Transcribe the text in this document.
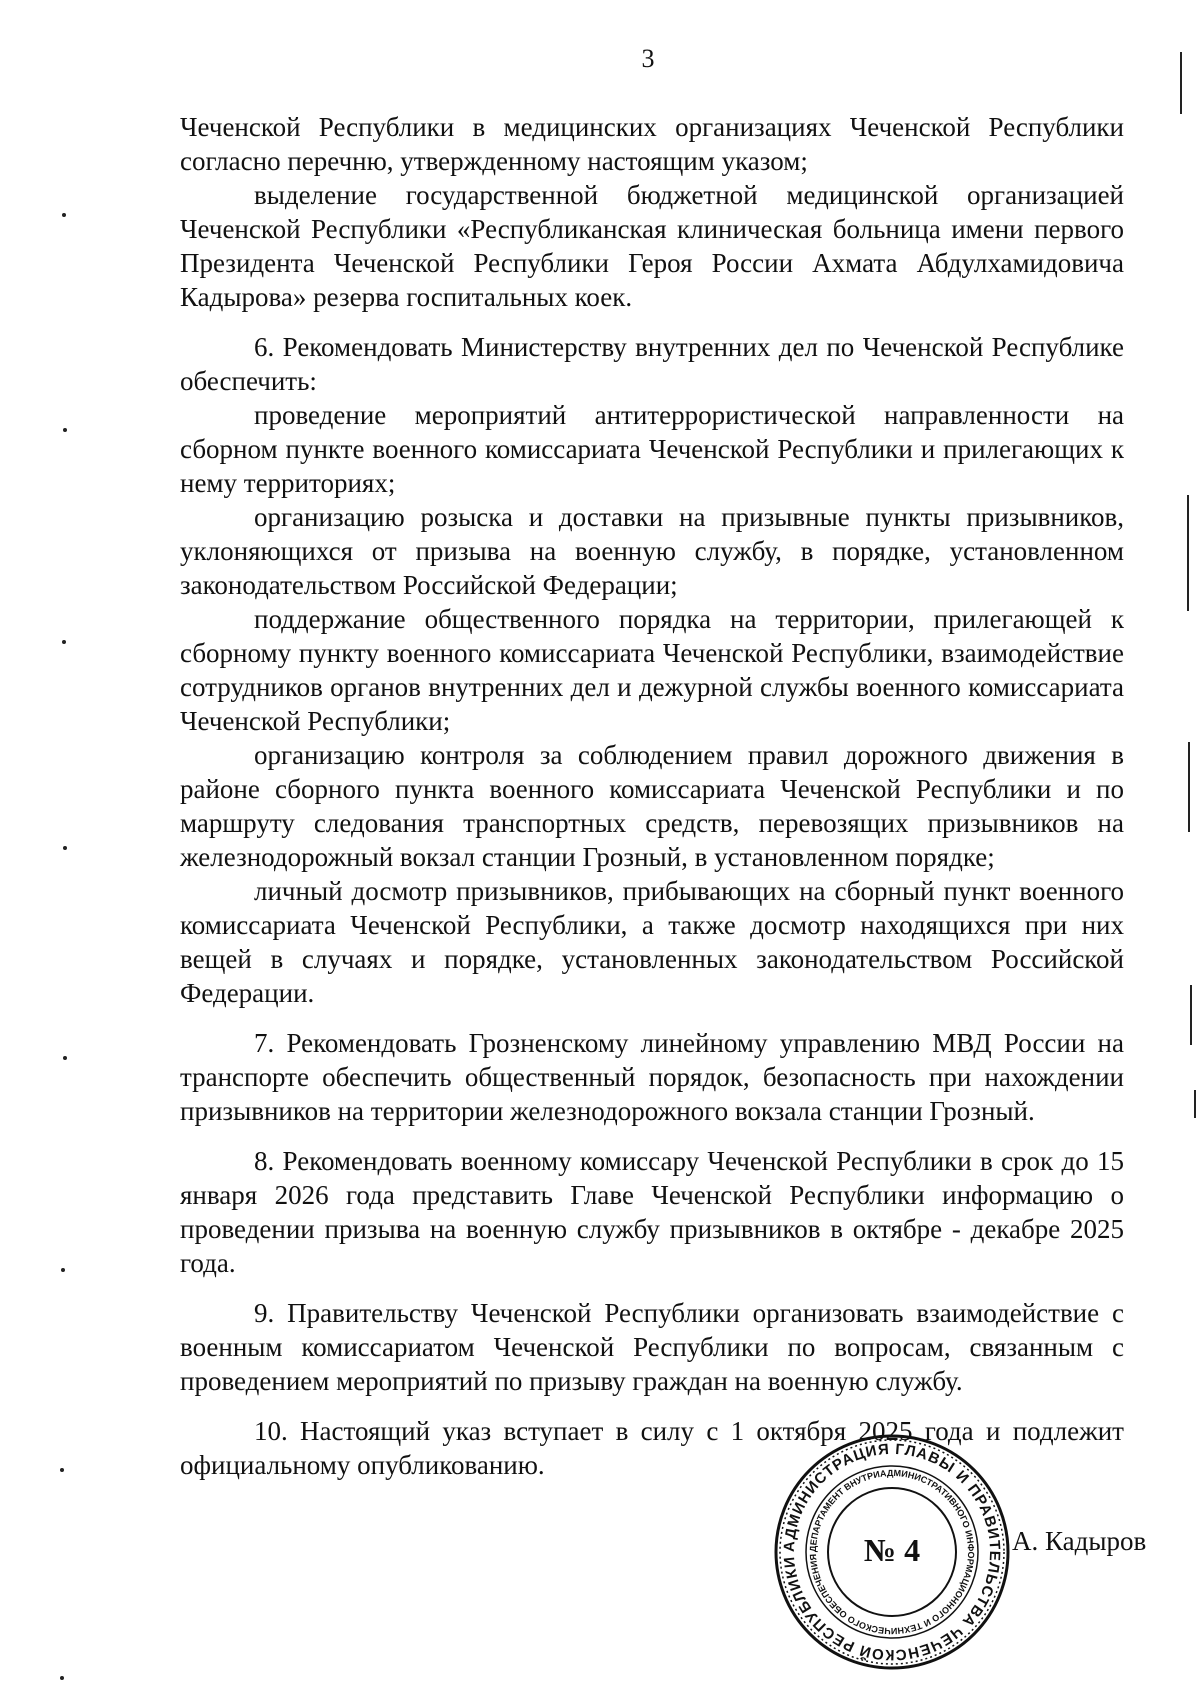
3

Чеченской Республики в медицинских организациях Чеченской Республики согласно перечню, утвержденному настоящим указом;

выделение государственной бюджетной медицинской организацией Чеченской Республики «Республиканская клиническая больница имени первого Президента Чеченской Республики Героя России Ахмата Абдулхамидовича Кадырова» резерва госпитальных коек.

6. Рекомендовать Министерству внутренних дел по Чеченской Республике обеспечить:

проведение мероприятий антитеррористической направленности на сборном пункте военного комиссариата Чеченской Республики и прилегающих к нему территориях;

организацию розыска и доставки на призывные пункты призывников, уклоняющихся от призыва на военную службу, в порядке, установленном законодательством Российской Федерации;

поддержание общественного порядка на территории, прилегающей к сборному пункту военного комиссариата Чеченской Республики, взаимодействие сотрудников органов внутренних дел и дежурной службы военного комиссариата Чеченской Республики;

организацию контроля за соблюдением правил дорожного движения в районе сборного пункта военного комиссариата Чеченской Республики и по маршруту следования транспортных средств, перевозящих призывников на железнодорожный вокзал станции Грозный, в установленном порядке;

личный досмотр призывников, прибывающих на сборный пункт военного комиссариата Чеченской Республики, а также досмотр находящихся при них вещей в случаях и порядке, установленных законодательством Российской Федерации.

7. Рекомендовать Грозненскому линейному управлению МВД России на транспорте обеспечить общественный порядок, безопасность при нахождении призывников на территории железнодорожного вокзала станции Грозный.

8. Рекомендовать военному комиссару Чеченской Республики в срок до 15 января 2026 года представить Главе Чеченской Республики информацию о проведении призыва на военную службу призывников в октябре - декабре 2025 года.

9. Правительству Чеченской Республики организовать взаимодействие с военным комиссариатом Чеченской Республики по вопросам, связанным с проведением мероприятий по призыву граждан на военную службу.

10. Настоящий указ вступает в силу с 1 октября 2025 года и подлежит официальному опубликованию.

АДМИНИСТРАЦИЯ ГЛАВЫ И ПРАВИТЕЛЬСТВА ЧЕЧЕНСКОЙ РЕСПУБЛИКИ
ДЕПАРТАМЕНТ ВНУТРИАДМИНИСТРАТИВНОГО ИНФОРМАЦИОННОГО И ТЕХНИЧЕСКОГО ОБЕСПЕЧЕНИЯ	№ 4	А. Кадыров
